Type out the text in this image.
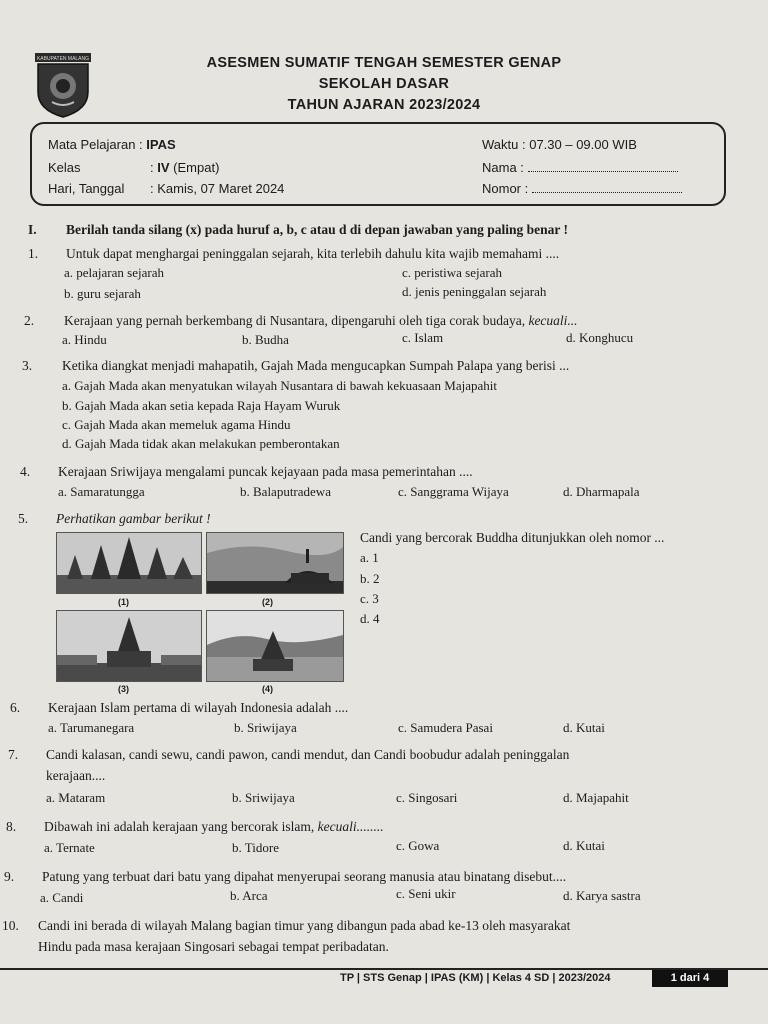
KABUPATEN MALANG	ASESMEN SUMATIF TENGAH SEMESTER GENAP
SEKOLAH DASAR
TAHUN AJARAN 2023/2024
Mata Pelajaran : IPAS
Kelas	: IV (Empat)
Hari, Tanggal : Kamis, 07 Maret 2024
Waktu : 07.30 – 09.00 WIB
Nama :
Nomor :
I. Berilah tanda silang (x) pada huruf a, b, c atau d di depan jawaban yang paling benar !
1. Untuk dapat menghargai peninggalan sejarah, kita terlebih dahulu kita wajib memahami ....
a. pelajaran sejarah	c. peristiwa sejarah
b. guru sejarah	d. jenis peninggalan sejarah
2. Kerajaan yang pernah berkembang di Nusantara, dipengaruhi oleh tiga corak budaya, kecuali...
a. Hindu	b. Budha	c. Islam	d. Konghucu
3. Ketika diangkat menjadi mahapatih, Gajah Mada mengucapkan Sumpah Palapa yang berisi ...
a. Gajah Mada akan menyatukan wilayah Nusantara di bawah kekuasaan Majapahit
b. Gajah Mada akan setia kepada Raja Hayam Wuruk
c. Gajah Mada akan memeluk agama Hindu
d. Gajah Mada tidak akan melakukan pemberontakan
4. Kerajaan Sriwijaya mengalami puncak kejayaan pada masa pemerintahan ....
a. Samaratungga	b. Balaputradewa	c. Sanggrama Wijaya	d. Dharmapala
5. Perhatikan gambar berikut !
(1)	(2)
(3)	(4)
Candi yang bercorak Buddha ditunjukkan oleh nomor ...
a. 1
b. 2
c. 3
d. 4
6. Kerajaan Islam pertama di wilayah Indonesia adalah ....
a. Tarumanegara	b. Sriwijaya	c. Samudera Pasai	d. Kutai
7. Candi kalasan, candi sewu, candi pawon, candi mendut, dan Candi boobudur adalah peninggalan
kerajaan....
a. Mataram	b. Sriwijaya	c. Singosari	d. Majapahit
8. Dibawah ini adalah kerajaan yang bercorak islam, kecuali........
a. Ternate	b. Tidore	c. Gowa	d. Kutai
9. Patung yang terbuat dari batu yang dipahat menyerupai seorang manusia atau binatang disebut....
a. Candi	b. Arca	c. Seni ukir	d. Karya sastra
10. Candi ini berada di wilayah Malang bagian timur yang dibangun pada abad ke-13 oleh masyarakat
Hindu pada masa kerajaan Singosari sebagai tempat peribadatan.
TP | STS Genap | IPAS (KM) | Kelas 4 SD | 2023/2024	1 dari 4
